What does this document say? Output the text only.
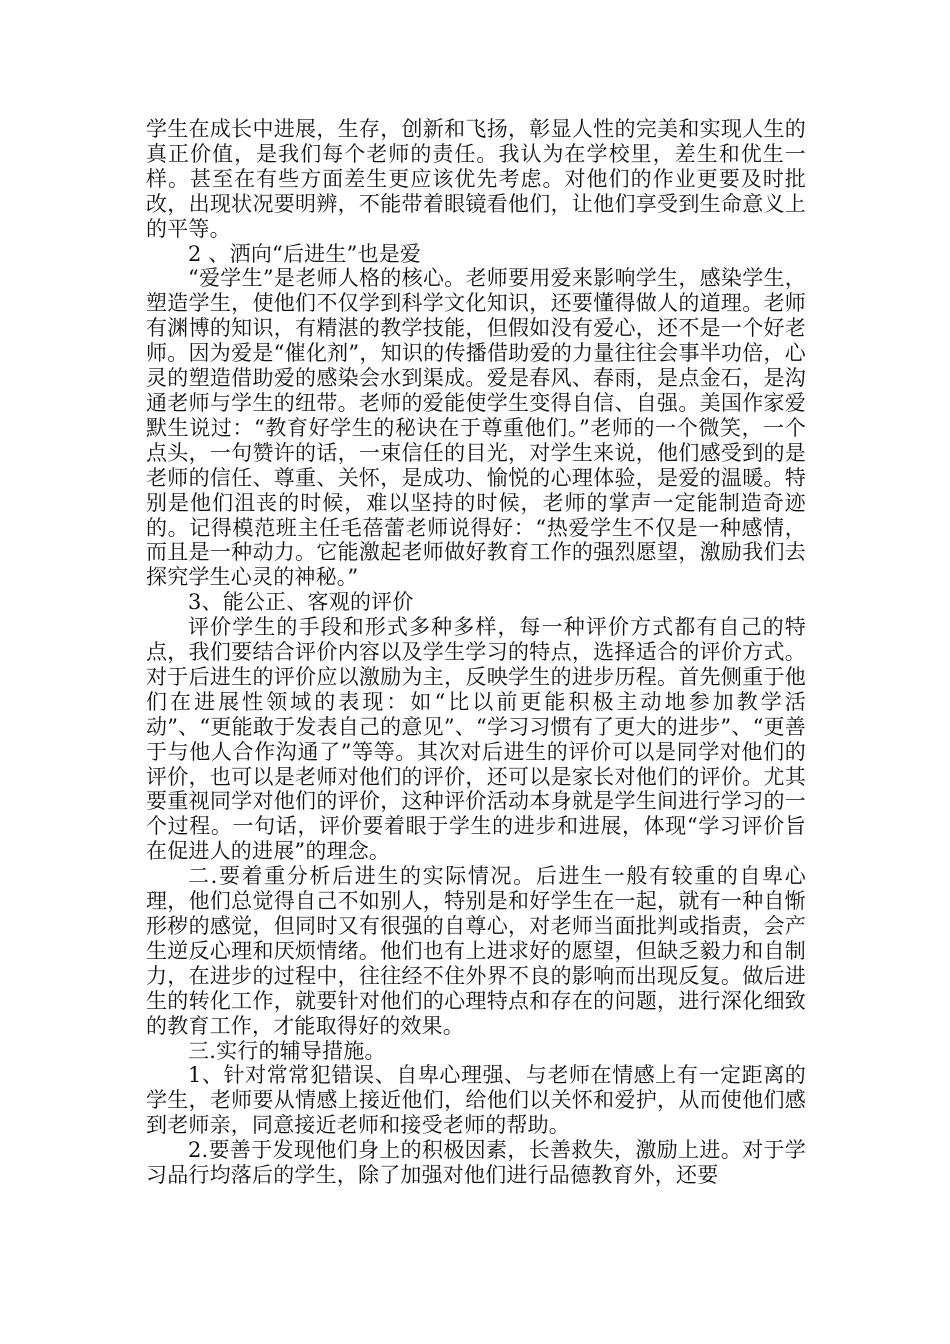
学生在成长中进展，生存，创新和飞扬，彰显人性的完美和实现人生的真正价值，是我们每个老师的责任。我认为在学校里，差生和优生一样。甚至在有些方面差生更应该优先考虑。对他们的作业更要及时批改，出现状况要明辨，不能带着眼镜看他们，让他们享受到生命意义上的平等。

2 、洒向“后进生”也是爱

“爱学生”是老师人格的核心。老师要用爱来影响学生，感染学生，塑造学生，使他们不仅学到科学文化知识，还要懂得做人的道理。老师有渊博的知识，有精湛的教学技能，但假如没有爱心，还不是一个好老师。因为爱是“催化剂”，知识的传播借助爱的力量往往会事半功倍，心灵的塑造借助爱的感染会水到渠成。爱是春风、春雨，是点金石，是沟通老师与学生的纽带。老师的爱能使学生变得自信、自强。美国作家爱默生说过：“教育好学生的秘诀在于尊重他们。”老师的一个微笑，一个点头，一句赞许的话，一束信任的目光，对学生来说，他们感受到的是老师的信任、尊重、关怀，是成功、愉悦的心理体验，是爱的温暖。特别是他们沮丧的时候，难以坚持的时候，老师的掌声一定能制造奇迹的。记得模范班主任毛蓓蕾老师说得好：“热爱学生不仅是一种感情，而且是一种动力。它能激起老师做好教育工作的强烈愿望，激励我们去探究学生心灵的神秘。”

3、能公正、客观的评价

评价学生的手段和形式多种多样，每一种评价方式都有自己的特点，我们要结合评价内容以及学生学习的特点，选择适合的评价方式。对于后进生的评价应以激励为主，反映学生的进步历程。首先侧重于他们在进展性领域的表现：如“比以前更能积极主动地参加教学活动”、“更能敢于发表自己的意见”、“学习习惯有了更大的进步”、“更善于与他人合作沟通了”等等。其次对后进生的评价可以是同学对他们的评价，也可以是老师对他们的评价，还可以是家长对他们的评价。尤其要重视同学对他们的评价，这种评价活动本身就是学生间进行学习的一个过程。一句话，评价要着眼于学生的进步和进展，体现“学习评价旨在促进人的进展”的理念。

二.要着重分析后进生的实际情况。后进生一般有较重的自卑心理，他们总觉得自己不如别人，特别是和好学生在一起，就有一种自惭形秽的感觉，但同时又有很强的自尊心，对老师当面批判或指责，会产生逆反心理和厌烦情绪。他们也有上进求好的愿望，但缺乏毅力和自制力，在进步的过程中，往往经不住外界不良的影响而出现反复。做后进生的转化工作，就要针对他们的心理特点和存在的问题，进行深化细致的教育工作，才能取得好的效果。

三.实行的辅导措施。

1、针对常常犯错误、自卑心理强、与老师在情感上有一定距离的学生，老师要从情感上接近他们，给他们以关怀和爱护，从而使他们感到老师亲，同意接近老师和接受老师的帮助。

2.要善于发现他们身上的积极因素，长善救失，激励上进。对于学习品行均落后的学生，除了加强对他们进行品德教育外，还要
